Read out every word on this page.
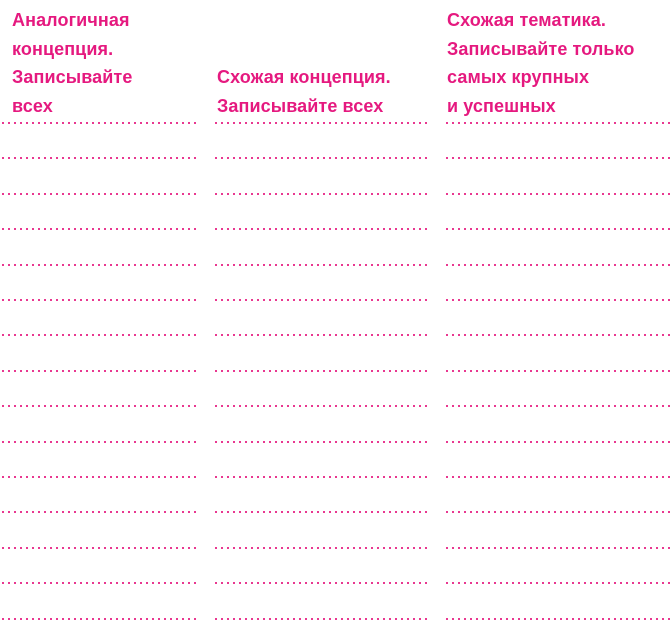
Аналогичная
концепция.
Записывайте
всех
Схожая концепция.
Записывайте всех
Схожая тематика.
Записывайте только
самых крупных
и успешных
